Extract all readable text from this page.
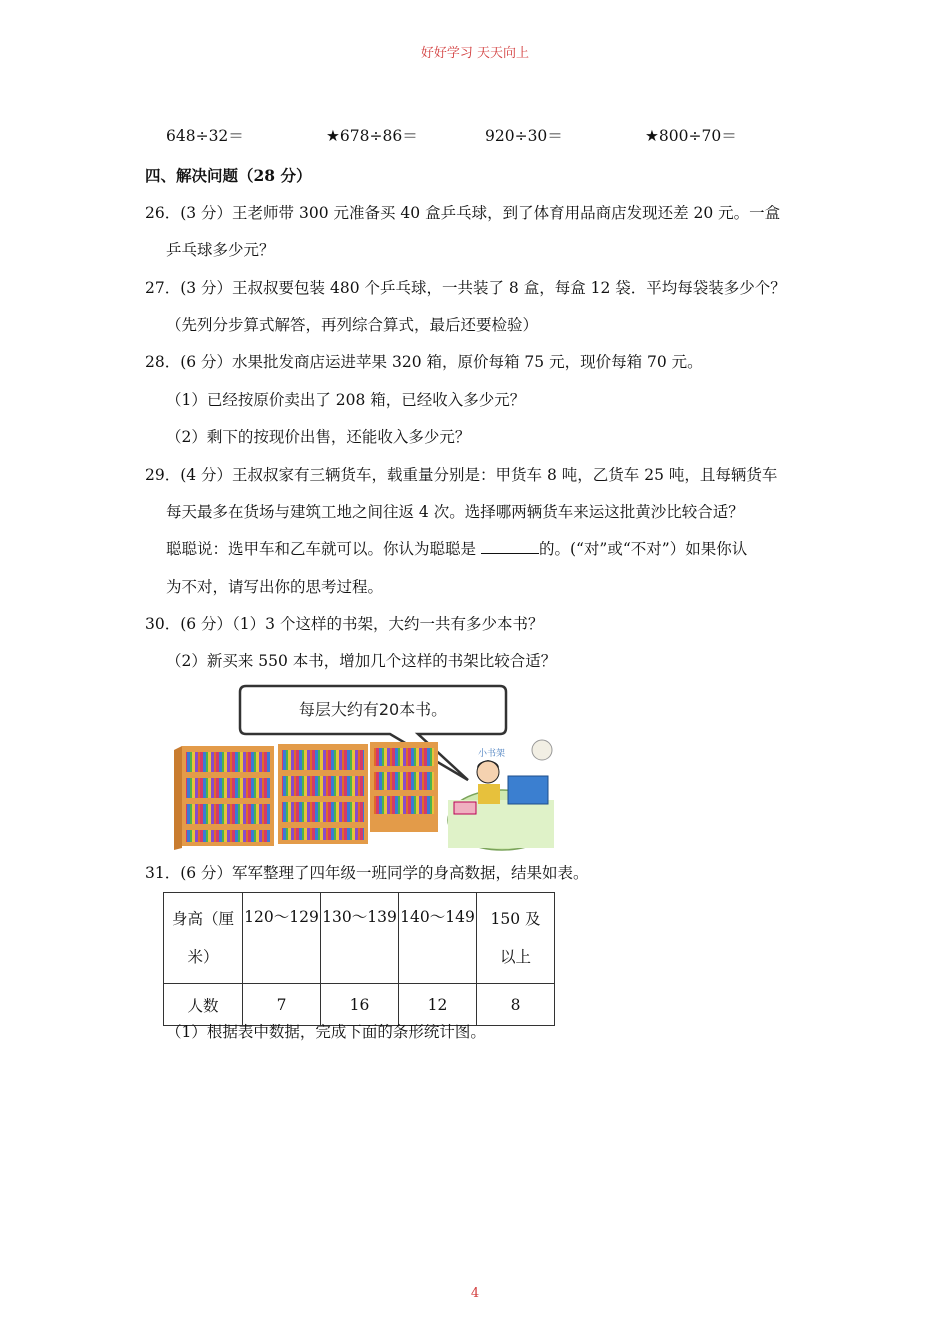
好好学习 天天向上
648÷32＝	★678÷86＝	920÷30＝	★800÷70＝
四、解决问题（28 分）
26．(3 分）王老师带 300 元准备买 40 盒乒乓球，到了体育用品商店发现还差 20 元。一盒
乒乓球多少元？
27．(3 分）王叔叔要包装 480 个乒乓球，一共装了 8 盒，每盒 12 袋．平均每袋装多少个？
（先列分步算式解答，再列综合算式，最后还要检验）
28．(6 分）水果批发商店运进苹果 320 箱，原价每箱 75 元，现价每箱 70 元。
（1）已经按原价卖出了 208 箱，已经收入多少元？
（2）剩下的按现价出售，还能收入多少元？
29．(4 分）王叔叔家有三辆货车，载重量分别是：甲货车 8 吨，乙货车 25 吨，且每辆货车
每天最多在货场与建筑工地之间往返 4 次。选择哪两辆货车来运这批黄沙比较合适？
聪聪说：选甲车和乙车就可以。你认为聪聪是	的。(“对”或“不对”）如果你认
为不对，请写出你的思考过程。
30．(6 分）（1）3 个这样的书架，大约一共有多少本书？
（2）新买来 550 本书，增加几个这样的书架比较合适？
每层大约有20本书。
小书架
31．(6 分）军军整理了四年级一班同学的身高数据，结果如表。
身高（厘米）	120～129	130～139	140～149	150 及以上

人数	7	16	12	8
（1）根据表中数据，完成下面的条形统计图。
4
